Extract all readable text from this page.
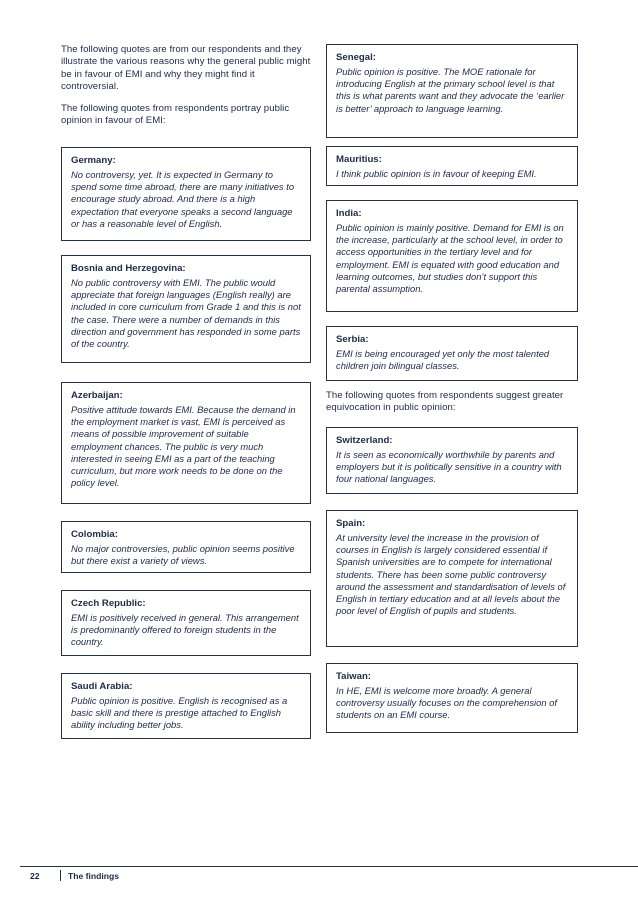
The following quotes are from our respondents and they illustrate the various reasons why the general public might be in favour of EMI and why they might find it controversial.

The following quotes from respondents portray public opinion in favour of EMI:

Germany:
No controversy, yet. It is expected in Germany to spend some time abroad, there are many initiatives to encourage study abroad. And there is a high expectation that everyone speaks a second language or has a reasonable level of English.
Bosnia and Herzegovina:
No public controversy with EMI. The public would appreciate that foreign languages (English really) are included in core curriculum from Grade 1 and this is not the case. There were a number of demands in this direction and government has responded in some parts of the country.
Azerbaijan:
Positive attitude towards EMI. Because the demand in the employment market is vast, EMI is perceived as means of possible improvement of suitable employment chances. The public is very much interested in seeing EMI as a part of the teaching curriculum, but more work needs to be done on the policy level.
Colombia:
No major controversies, public opinion seems positive but there exist a variety of views.
Czech Republic:
EMI is positively received in general. This arrangement is predominantly offered to foreign students in the country.
Saudi Arabia:
Public opinion is positive. English is recognised as a basic skill and there is prestige attached to English ability including better jobs.
Senegal:
Public opinion is positive. The MOE rationale for introducing English at the primary school level is that this is what parents want and they advocate the ‘earlier is better’ approach to language learning.
Mauritius:
I think public opinion is in favour of keeping EMI.
India:
Public opinion is mainly positive. Demand for EMI is on the increase, particularly at the school level, in order to access opportunities in the tertiary level and for employment. EMI is equated with good education and learning outcomes, but studies don’t support this parental assumption.
Serbia:
EMI is being encouraged yet only the most talented children join bilingual classes.

The following quotes from respondents suggest greater equivocation in public opinion:

Switzerland:
It is seen as economically worthwhile by parents and employers but it is politically sensitive in a country with four national languages.
Spain:
At university level the increase in the provision of courses in English is largely considered essential if Spanish universities are to compete for international students. There has been some public controversy around the assessment and standardisation of levels of English in tertiary education and at all levels about the poor level of English of pupils and students.
Taiwan:
In HE, EMI is welcome more broadly. A general controversy usually focuses on the comprehension of students on an EMI course.
22	The findings
